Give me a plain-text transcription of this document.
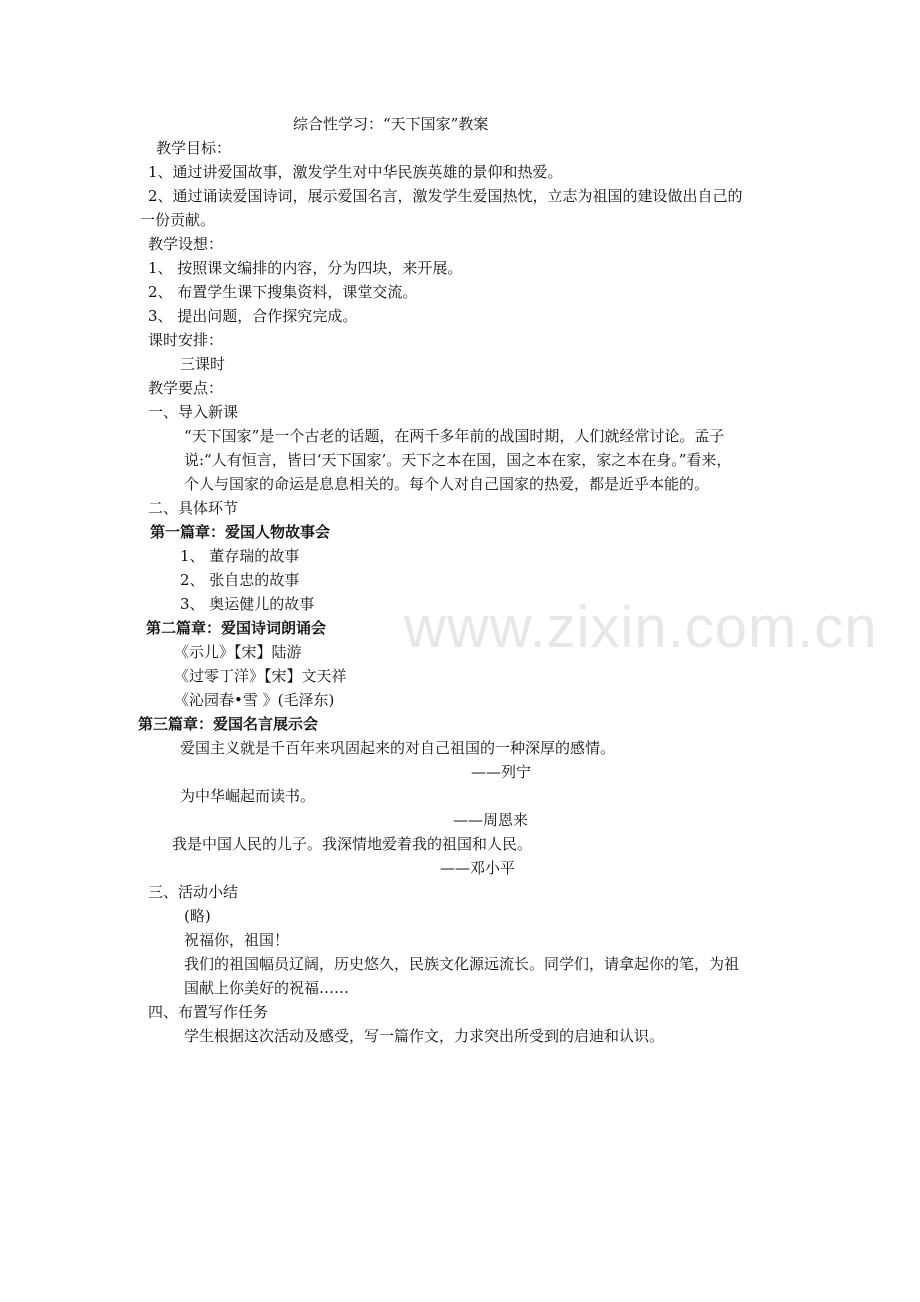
www.zixin.com.cn
综合性学习：“天下国家”教案
教学目标：
1、通过讲爱国故事，激发学生对中华民族英雄的景仰和热爱。
2、通过诵读爱国诗词，展示爱国名言，激发学生爱国热忱，立志为祖国的建设做出自己的
一份贡献。
教学设想：
1、 按照课文编排的内容，分为四块，来开展。
2、 布置学生课下搜集资料，课堂交流。
3、 提出问题，合作探究完成。
课时安排：
三课时
教学要点：
一、导入新课
“天下国家”是一个古老的话题，在两千多年前的战国时期，人们就经常讨论。孟子
说:“人有恒言，皆曰‘天下国家’。天下之本在国，国之本在家，家之本在身。”看来，
个人与国家的命运是息息相关的。每个人对自己国家的热爱，都是近乎本能的。
二、具体环节
第一篇章：爱国人物故事会
1、 董存瑞的故事
2、 张自忠的故事
3、 奥运健儿的故事
第二篇章：爱国诗词朗诵会
《示儿》【宋】陆游
《过零丁洋》【宋】文天祥
《沁园春•雪 》(毛泽东)
第三篇章：爱国名言展示会
爱国主义就是千百年来巩固起来的对自己祖国的一种深厚的感情。
——列宁
为中华崛起而读书。
——周恩来
我是中国人民的儿子。我深情地爱着我的祖国和人民。
——邓小平
三、活动小结
(略)
祝福你，祖国！
我们的祖国幅员辽阔，历史悠久，民族文化源远流长。同学们，请拿起你的笔，为祖
国献上你美好的祝福……
四、布置写作任务
学生根据这次活动及感受，写一篇作文，力求突出所受到的启迪和认识。
